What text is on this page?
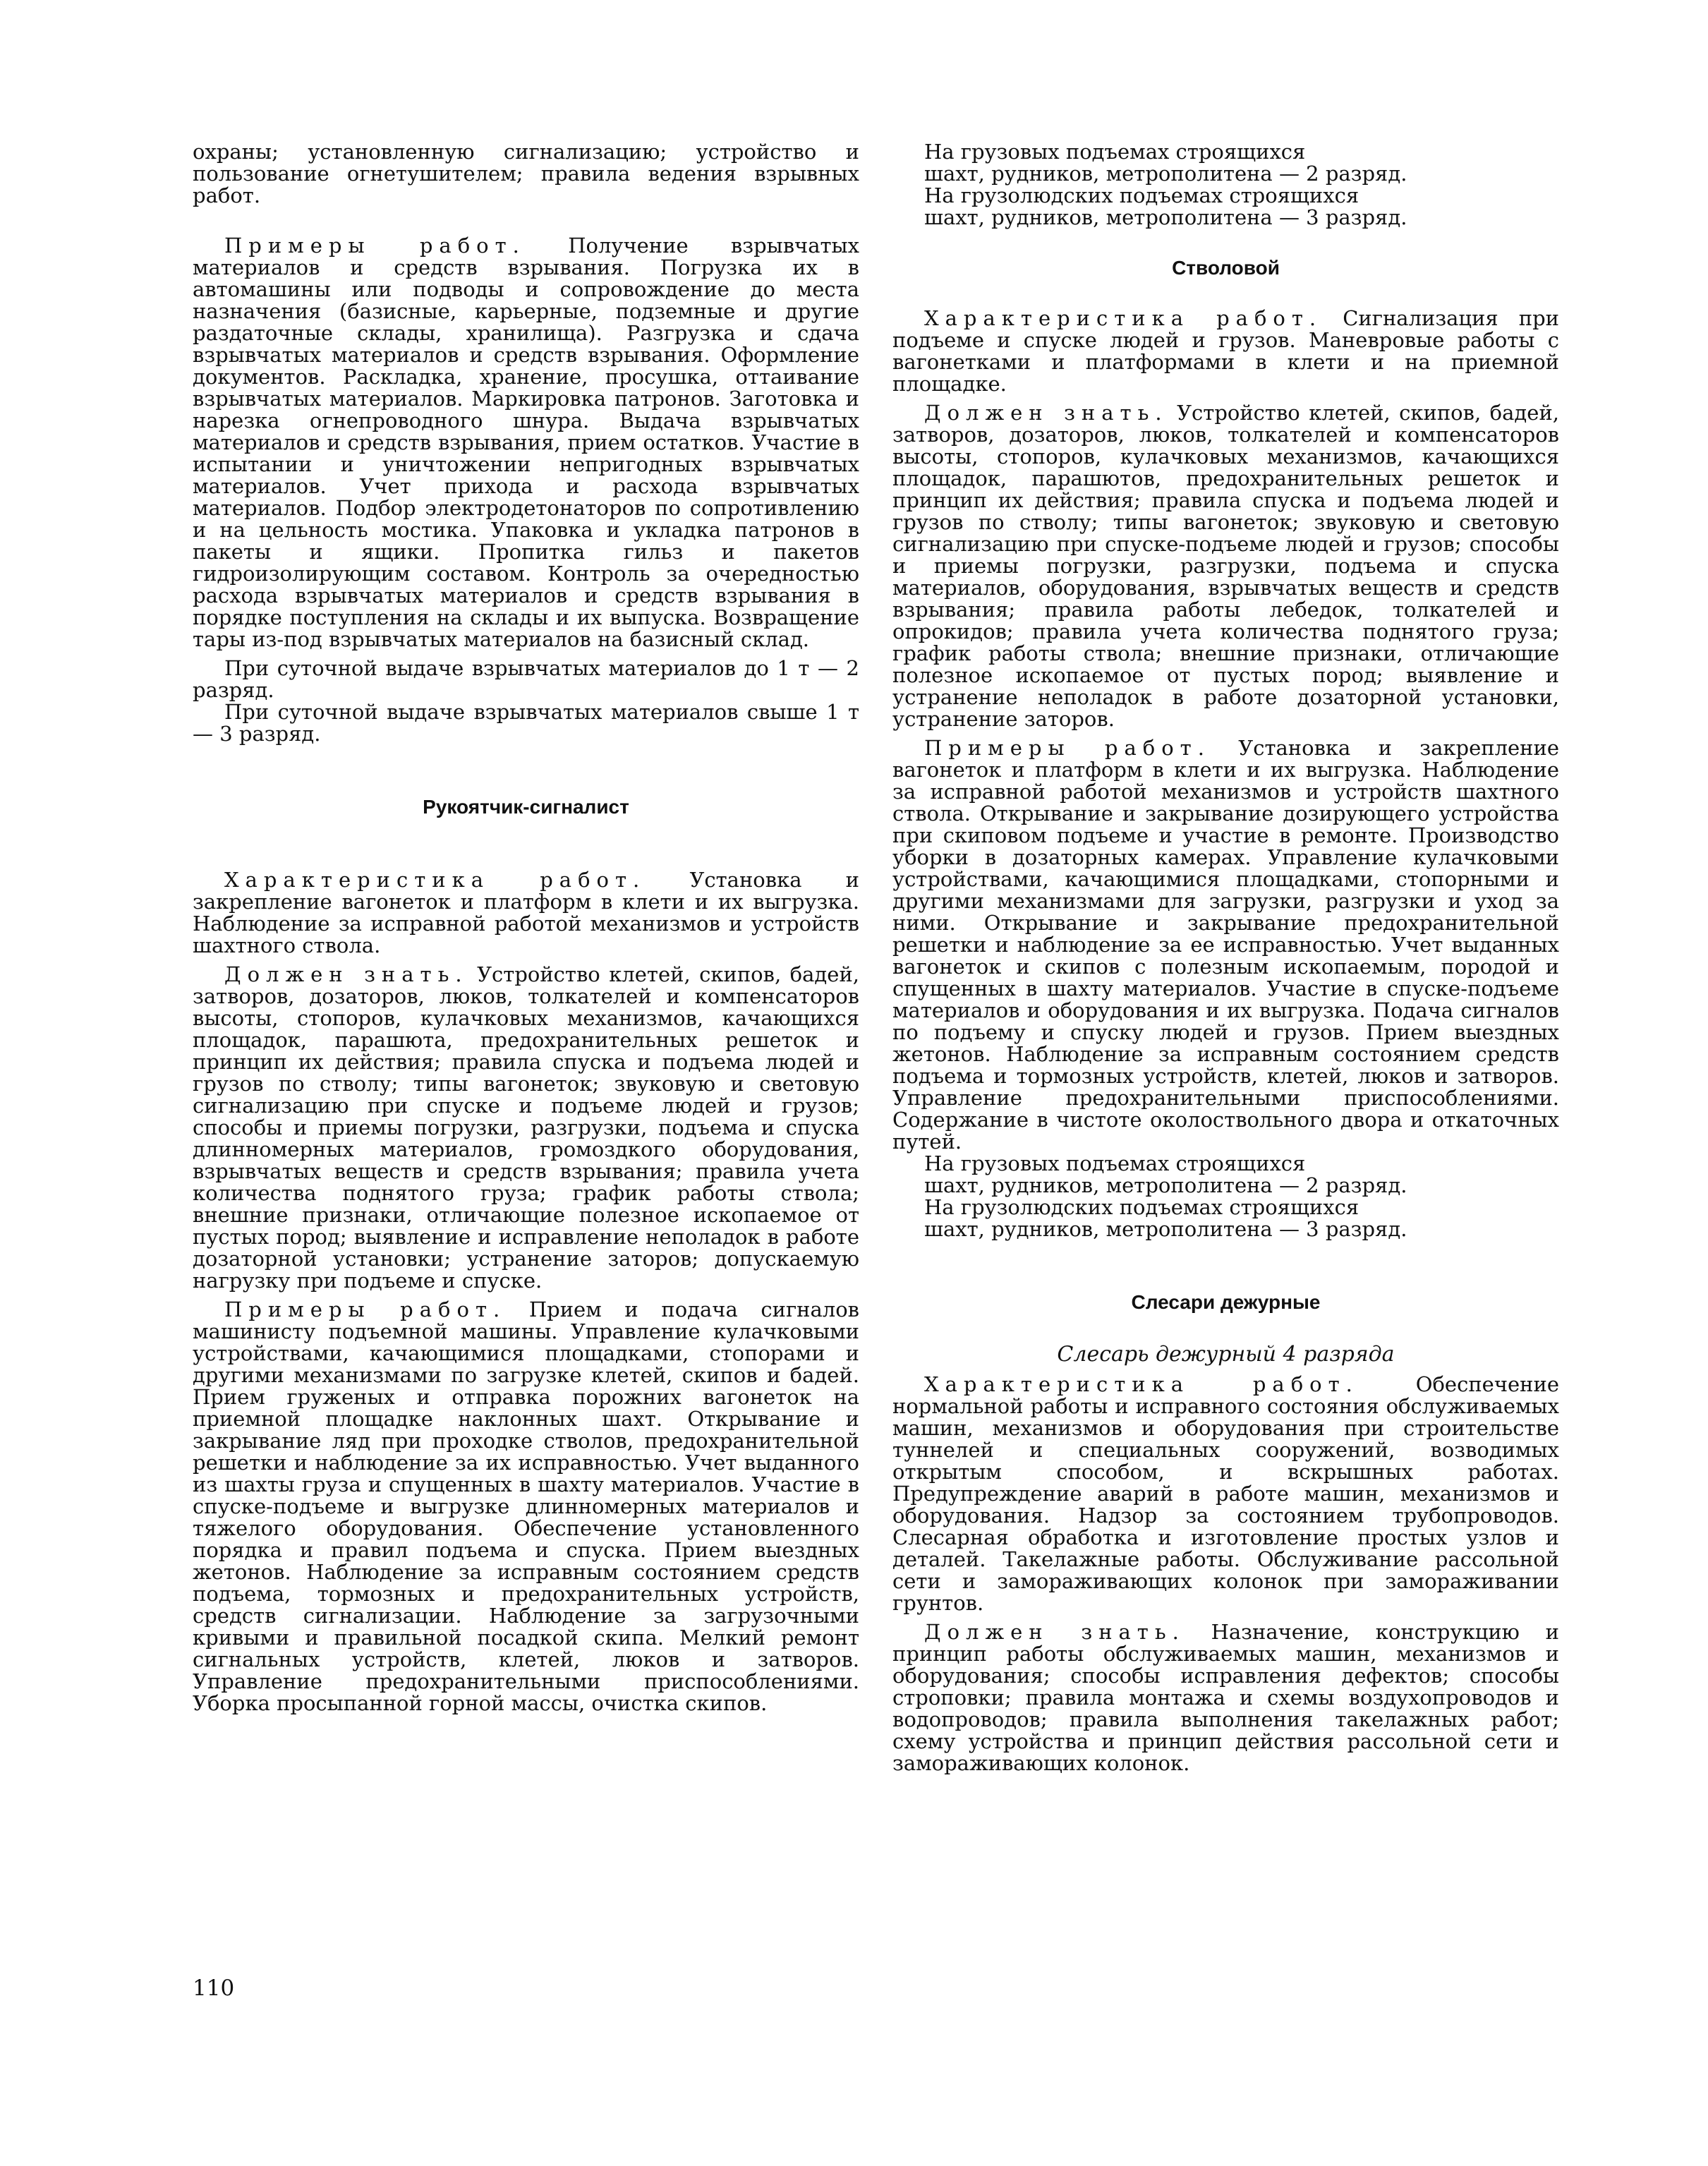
охраны; установленную сигнализацию; устройство и пользование огнетушителем; правила ведения взрывных работ.

Примеры работ. Получение взрывчатых материалов и средств взрывания. Погрузка их в автомашины или подводы и сопровождение до места назначения (базисные, карьерные, подземные и другие раздаточные склады, хранилища). Разгрузка и сдача взрывчатых материалов и средств взрывания. Оформление документов. Раскладка, хранение, просушка, оттаивание взрывчатых материалов. Маркировка патронов. Заготовка и нарезка огнепроводного шнура. Выдача взрывчатых материалов и средств взрывания, прием остатков. Участие в испытании и уничтожении непригодных взрывчатых материалов. Учет прихода и расхода взрывчатых материалов. Подбор электродетонаторов по сопротивлению и на цельность мостика. Упаковка и укладка патронов в пакеты и ящики. Пропитка гильз и пакетов гидроизолирующим составом. Контроль за очередностью расхода взрывчатых материалов и средств взрывания в порядке поступления на склады и их выпуска. Возвращение тары из-под взрывчатых материалов на базисный склад.

При суточной выдаче взрывчатых материалов до 1 т — 2 разряд.

При суточной выдаче взрывчатых материалов свыше 1 т — 3 разряд.

Рукоятчик-сигналист

Характеристика работ. Установка и закрепление вагонеток и платформ в клети и их выгрузка. Наблюдение за исправной работой механизмов и устройств шахтного ствола.

Должен знать. Устройство клетей, скипов, бадей, затворов, дозаторов, люков, толкателей и компенсаторов высоты, стопоров, кулачковых механизмов, качающихся площадок, парашюта, предохранительных решеток и принцип их действия; правила спуска и подъема людей и грузов по стволу; типы вагонеток; звуковую и световую сигнализацию при спуске и подъеме людей и грузов; способы и приемы погрузки, разгрузки, подъема и спуска длинномерных материалов, громоздкого оборудования, взрывчатых веществ и средств взрывания; правила учета количества поднятого груза; график работы ствола; внешние признаки, отличающие полезное ископаемое от пустых пород; выявление и исправление неполадок в работе дозаторной установки; устранение заторов; допускаемую нагрузку при подъеме и спуске.

Примеры работ. Прием и подача сигналов машинисту подъемной машины. Управление кулачковыми устройствами, качающимися площадками, стопорами и другими механизмами по загрузке клетей, скипов и бадей. Прием груженых и отправка порожних вагонеток на приемной площадке наклонных шахт. Открывание и закрывание ляд при проходке стволов, предохранительной решетки и наблюдение за их исправностью. Учет выданного из шахты груза и спущенных в шахту материалов. Участие в спуске-подъеме и выгрузке длинномерных материалов и тяжелого оборудования. Обеспечение установленного порядка и правил подъема и спуска. Прием выездных жетонов. Наблюдение за исправным состоянием средств подъема, тормозных и предохранительных устройств, средств сигнализации. Наблюдение за загрузочными кривыми и правильной посадкой скипа. Мелкий ремонт сигнальных устройств, клетей, люков и затворов. Управление предохранительными приспособлениями. Уборка просыпанной горной массы, очистка скипов.

На грузовых подъемах строящихся

шахт, рудников, метрополитена — 2 разряд.

На грузолюдских подъемах строящихся

шахт, рудников, метрополитена — 3 разряд.

Стволовой

Характеристика работ. Сигнализация при подъеме и спуске людей и грузов. Маневровые работы с вагонетками и платформами в клети и на приемной площадке.

Должен знать. Устройство клетей, скипов, бадей, затворов, дозаторов, люков, толкателей и компенсаторов высоты, стопоров, кулачковых механизмов, качающихся площадок, парашютов, предохранительных решеток и принцип их действия; правила спуска и подъема людей и грузов по стволу; типы вагонеток; звуковую и световую сигнализацию при спуске-подъеме людей и грузов; способы и приемы погрузки, разгрузки, подъема и спуска материалов, оборудования, взрывчатых веществ и средств взрывания; правила работы лебедок, толкателей и опрокидов; правила учета количества поднятого груза; график работы ствола; внешние признаки, отличающие полезное ископаемое от пустых пород; выявление и устранение неполадок в работе дозаторной установки, устранение заторов.

Примеры работ. Установка и закрепление вагонеток и платформ в клети и их выгрузка. Наблюдение за исправной работой механизмов и устройств шахтного ствола. Открывание и закрывание дозирующего устройства при скиповом подъеме и участие в ремонте. Производство уборки в дозаторных камерах. Управление кулачковыми устройствами, качающимися площадками, стопорными и другими механизмами для загрузки, разгрузки и уход за ними. Открывание и закрывание предохранительной решетки и наблюдение за ее исправностью. Учет выданных вагонеток и скипов с полезным ископаемым, породой и спущенных в шахту материалов. Участие в спуске-подъеме материалов и оборудования и их выгрузка. Подача сигналов по подъему и спуску людей и грузов. Прием выездных жетонов. Наблюдение за исправным состоянием средств подъема и тормозных устройств, клетей, люков и затворов. Управление предохранительными приспособлениями. Содержание в чистоте околоствольного двора и откаточных путей.

На грузовых подъемах строящихся

шахт, рудников, метрополитена — 2 разряд.

На грузолюдских подъемах строящихся

шахт, рудников, метрополитена — 3 разряд.

Слесари дежурные
Слесарь дежурный 4 разряда

Характеристика работ. Обеспечение нормальной работы и исправного состояния обслуживаемых машин, механизмов и оборудования при строительстве туннелей и специальных сооружений, возводимых открытым способом, и вскрышных работах. Предупреждение аварий в работе машин, механизмов и оборудования. Надзор за состоянием трубопроводов. Слесарная обработка и изготовление простых узлов и деталей. Такелажные работы. Обслуживание рассольной сети и замораживающих колонок при замораживании грунтов.

Должен знать. Назначение, конструкцию и принцип работы обслуживаемых машин, механизмов и оборудования; способы исправления дефектов; способы строповки; правила монтажа и схемы воздухопроводов и водопроводов; правила выполнения такелажных работ; схему устройства и принцип действия рассольной сети и замораживающих колонок.

110
